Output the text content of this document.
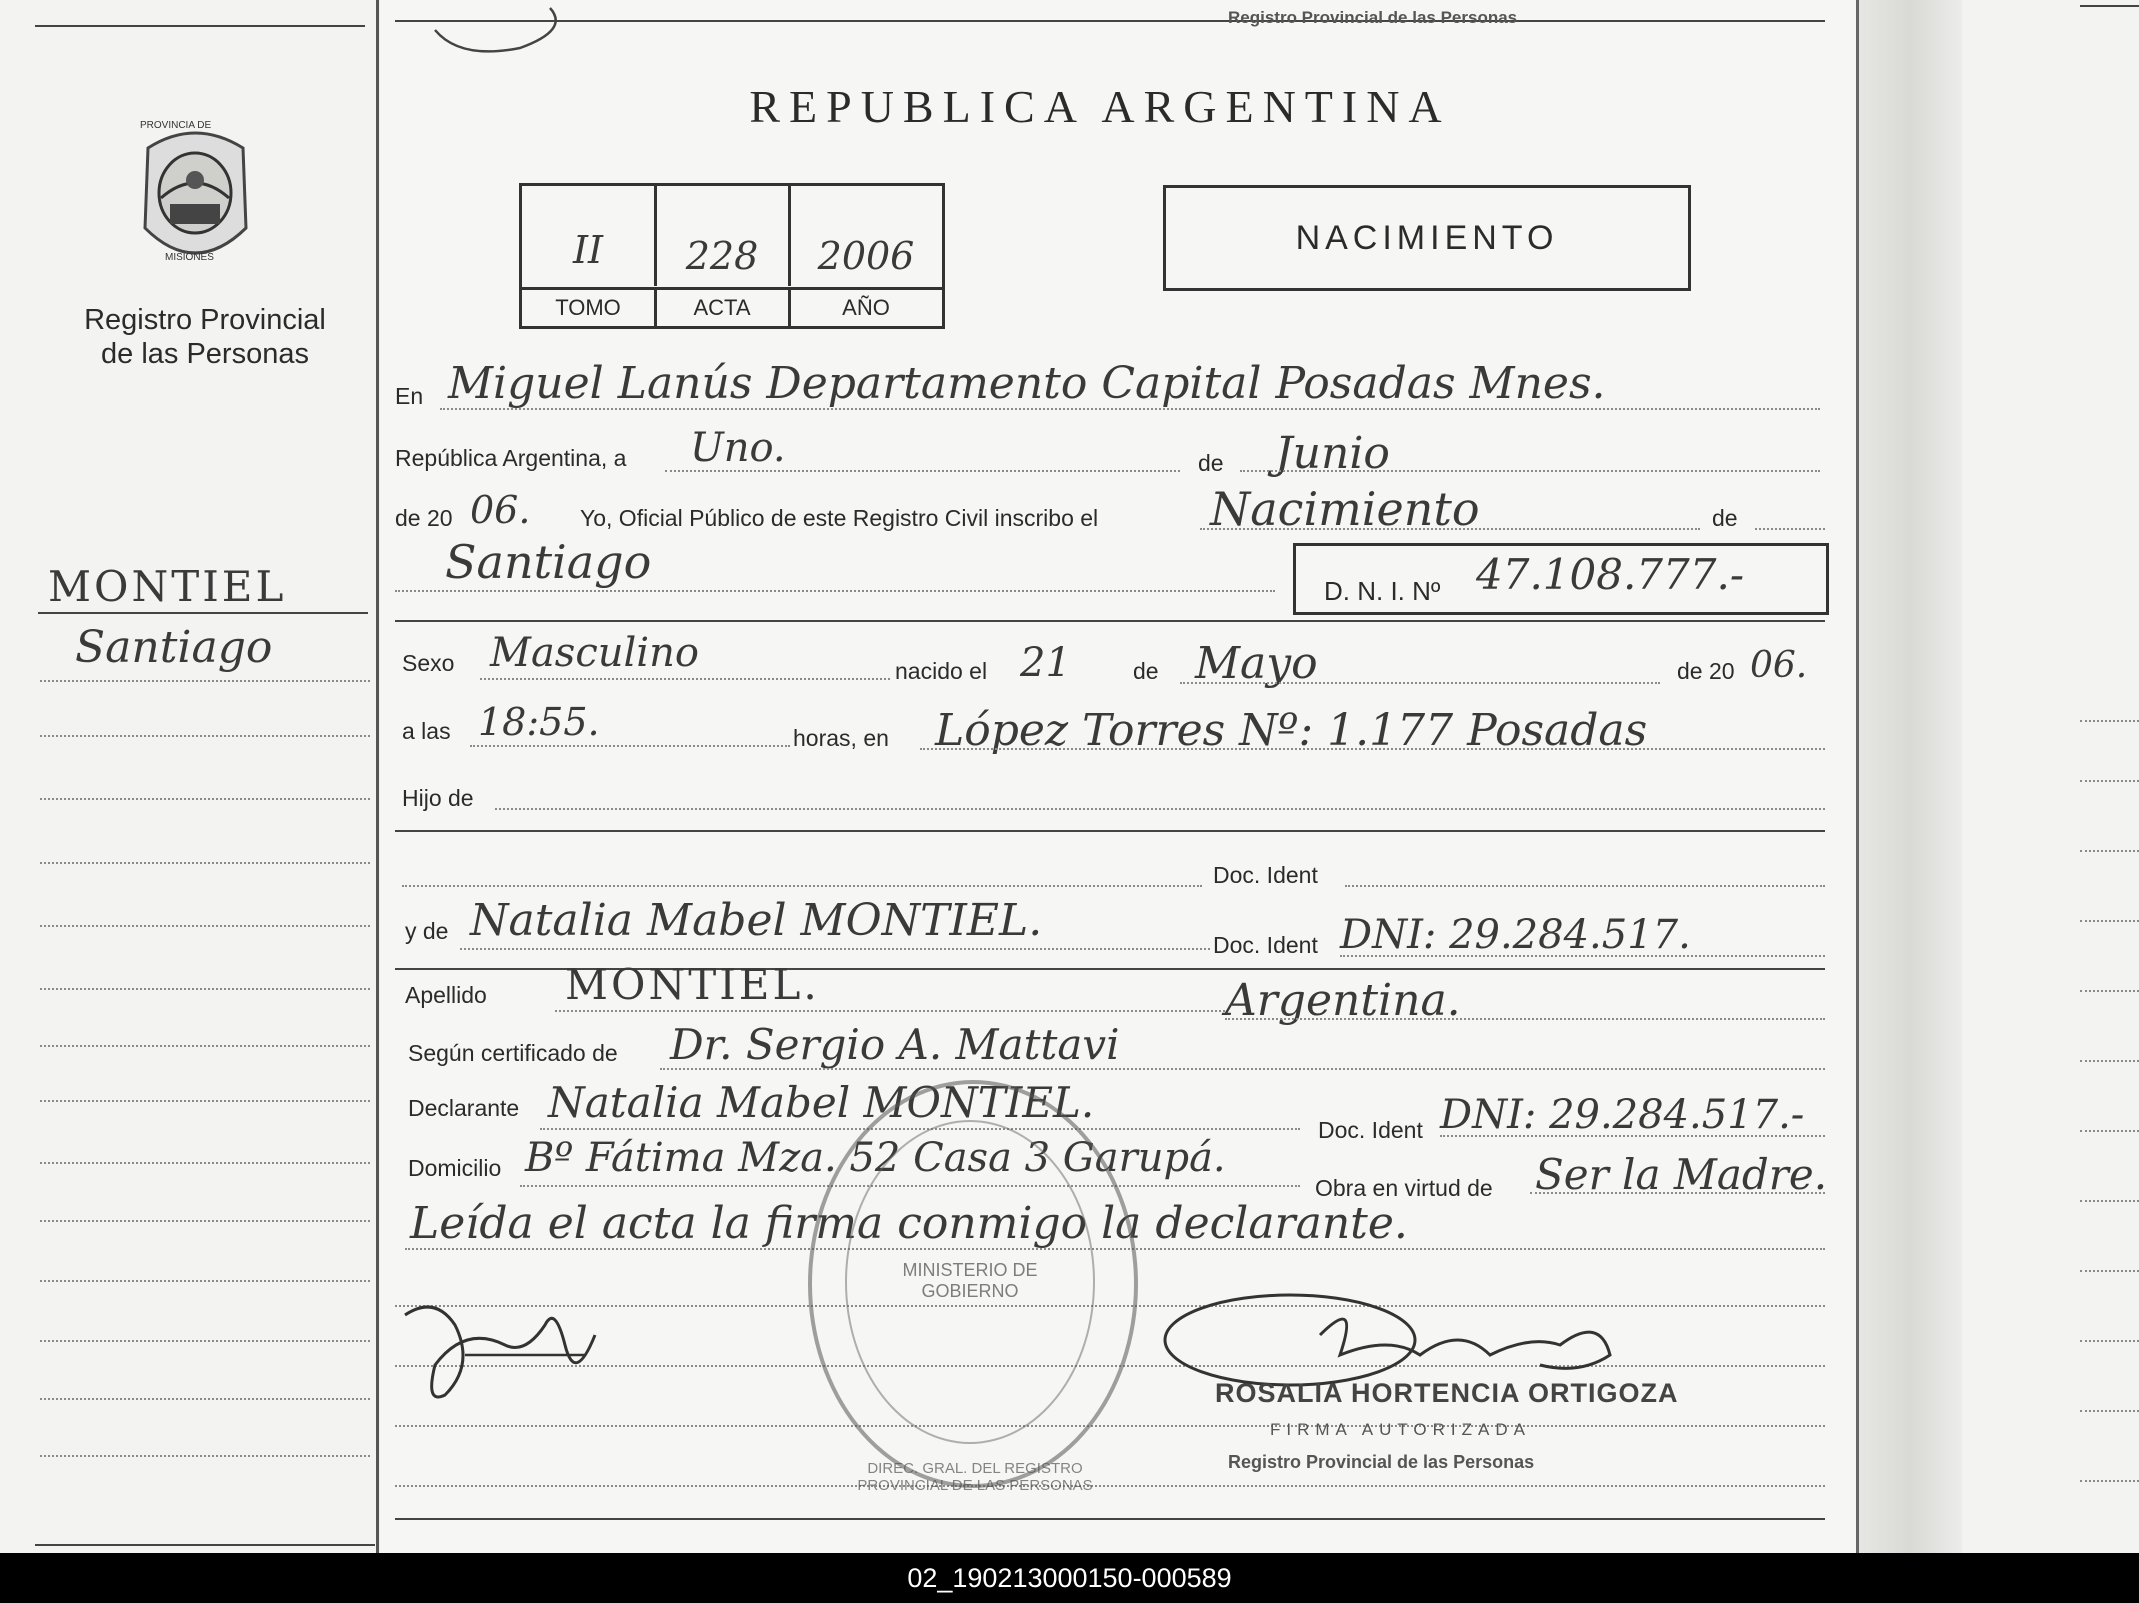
PROVINCIA DE
MISIONES
Registro Provincial
de las Personas
MONTIEL
Santiago
Registro Provincial de las Personas
REPUBLICA ARGENTINA
II	228	2006
TOMO	ACTA	AÑO
NACIMIENTO
En Miguel Lanús Departamento Capital Posadas Mnes.
República Argentina, a Uno.	de Junio
de 20 06. Yo, Oficial Público de este Registro Civil inscribo el Nacimiento	de
Santiago
D. N. I. Nº 47.108.777.-
Sexo Masculino	nacido el 21	de Mayo	de 20 06.
a las 18:55.	horas, en López Torres Nº: 1.177 Posadas
Hijo de
Doc. Ident
y de Natalia Mabel MONTIEL.	Doc. Ident DNI: 29.284.517.
Apellido MONTIEL.	Argentina.
Según certificado de Dr. Sergio A. Mattavi
Declarante Natalia Mabel MONTIEL.
Doc. Ident DNI: 29.284.517.-
Domicilio Bº Fátima Mza. 52 Casa 3 Garupá.
Obra en virtud de Ser la Madre.
Leída el acta la firma conmigo la declarante.
MINISTERIO DE GOBIERNO
DIREC. GRAL. DEL REGISTRO PROVINCIAL DE LAS PERSONAS
ROSALIA HORTENCIA ORTIGOZA
FIRMA AUTORIZADA
Registro Provincial de las Personas
02_190213000150-000589
